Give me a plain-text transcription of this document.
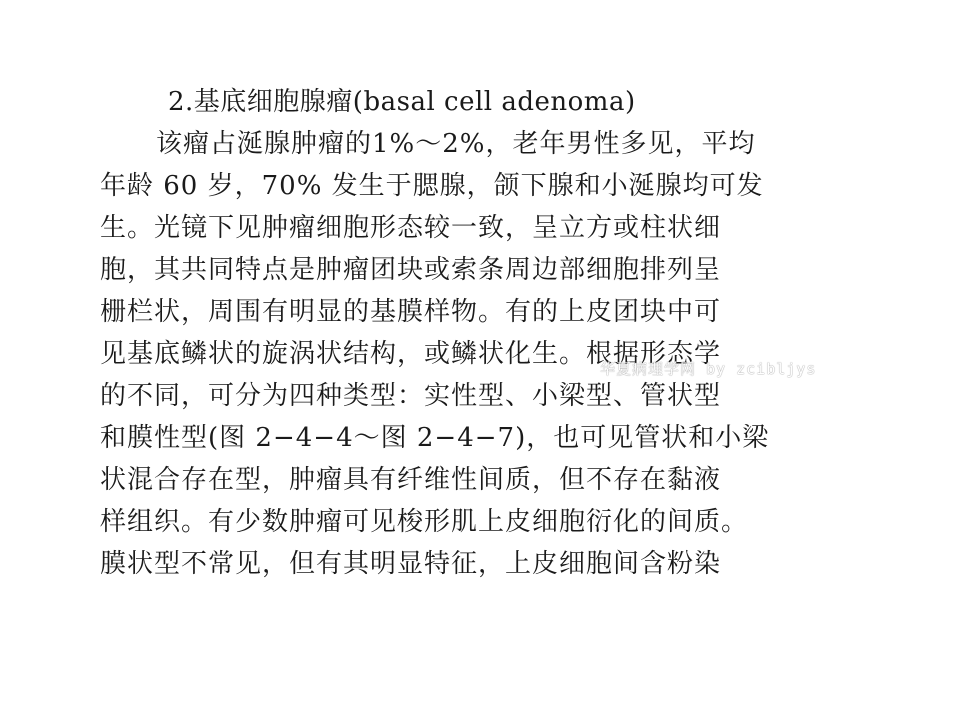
2.基底细胞腺瘤(basal cell adenoma)
该瘤占涎腺肿瘤的1%～2%，老年男性多见，平均
年龄 60 岁，70% 发生于腮腺，颌下腺和小涎腺均可发
生。光镜下见肿瘤细胞形态较一致，呈立方或柱状细
胞，其共同特点是肿瘤团块或索条周边部细胞排列呈
栅栏状，周围有明显的基膜样物。有的上皮团块中可
见基底鳞状的旋涡状结构，或鳞状化生。根据形态学
的不同，可分为四种类型：实性型、小梁型、管状型
和膜性型(图 2−4−4～图 2−4−7)，也可见管状和小梁
状混合存在型，肿瘤具有纤维性间质，但不存在黏液
样组织。有少数肿瘤可见梭形肌上皮细胞衍化的间质。
膜状型不常见，但有其明显特征，上皮细胞间含粉染
华夏病理学网 by zcibljys
